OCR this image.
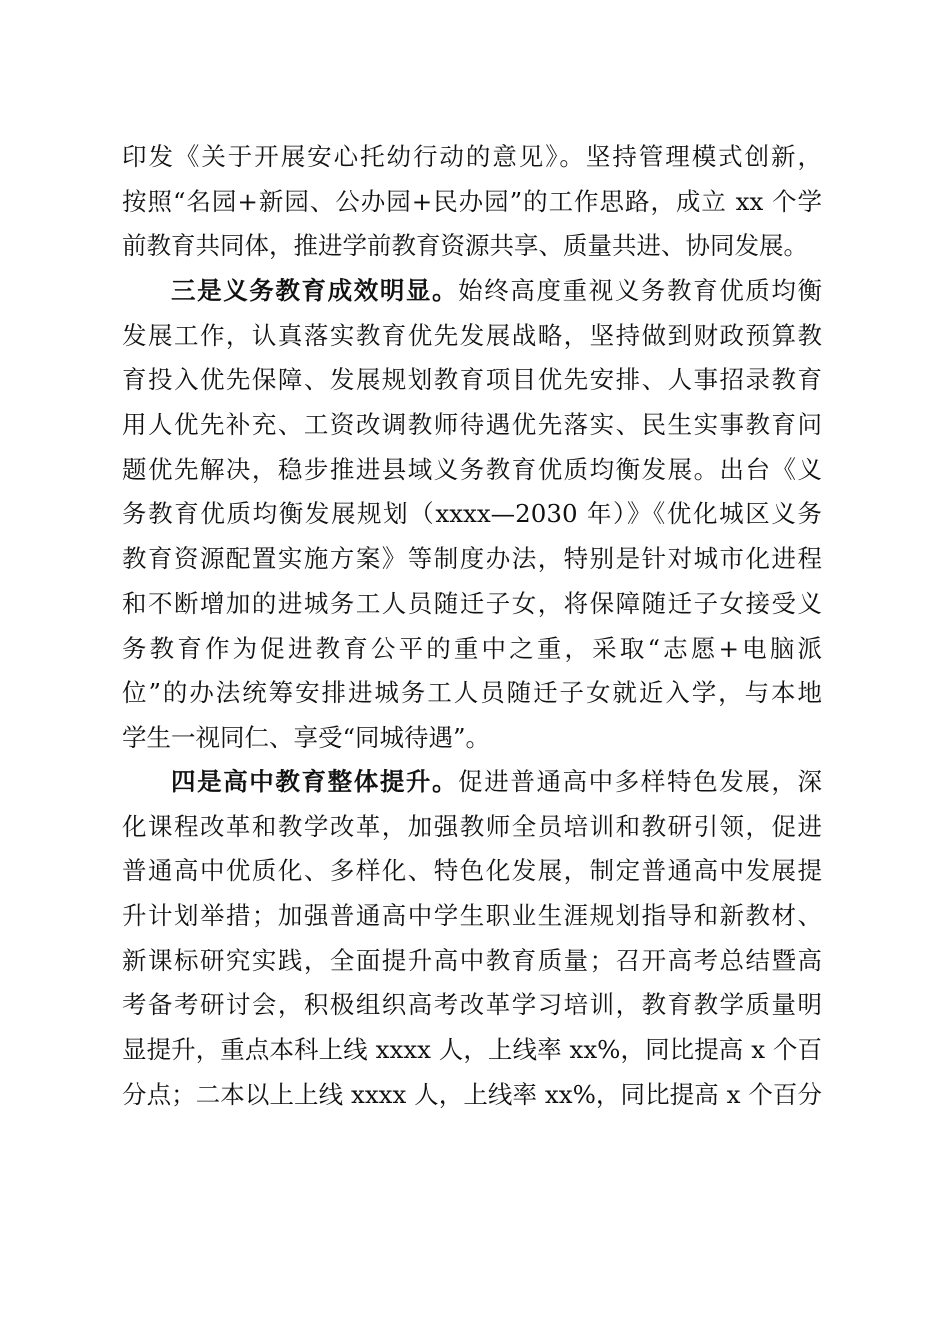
印发《关于开展安心托幼行动的意见》。坚持管理模式创新，
按照“名园+新园、公办园+民办园”的工作思路，成立 xx 个学
前教育共同体，推进学前教育资源共享、质量共进、协同发展。
三是义务教育成效明显。始终高度重视义务教育优质均衡
发展工作，认真落实教育优先发展战略，坚持做到财政预算教
育投入优先保障、发展规划教育项目优先安排、人事招录教育
用人优先补充、工资改调教师待遇优先落实、民生实事教育问
题优先解决，稳步推进县域义务教育优质均衡发展。出台《义
务教育优质均衡发展规划（xxxx—2030 年）》《优化城区义务
教育资源配置实施方案》等制度办法，特别是针对城市化进程
和不断增加的进城务工人员随迁子女，将保障随迁子女接受义
务教育作为促进教育公平的重中之重，采取“志愿+电脑派
位”的办法统筹安排进城务工人员随迁子女就近入学，与本地
学生一视同仁、享受“同城待遇”。
四是高中教育整体提升。促进普通高中多样特色发展，深
化课程改革和教学改革，加强教师全员培训和教研引领，促进
普通高中优质化、多样化、特色化发展，制定普通高中发展提
升计划举措；加强普通高中学生职业生涯规划指导和新教材、
新课标研究实践，全面提升高中教育质量；召开高考总结暨高
考备考研讨会，积极组织高考改革学习培训，教育教学质量明
显提升，重点本科上线 xxxx 人，上线率 xx%，同比提高 x 个百
分点；二本以上上线 xxxx 人，上线率 xx%，同比提高 x 个百分
